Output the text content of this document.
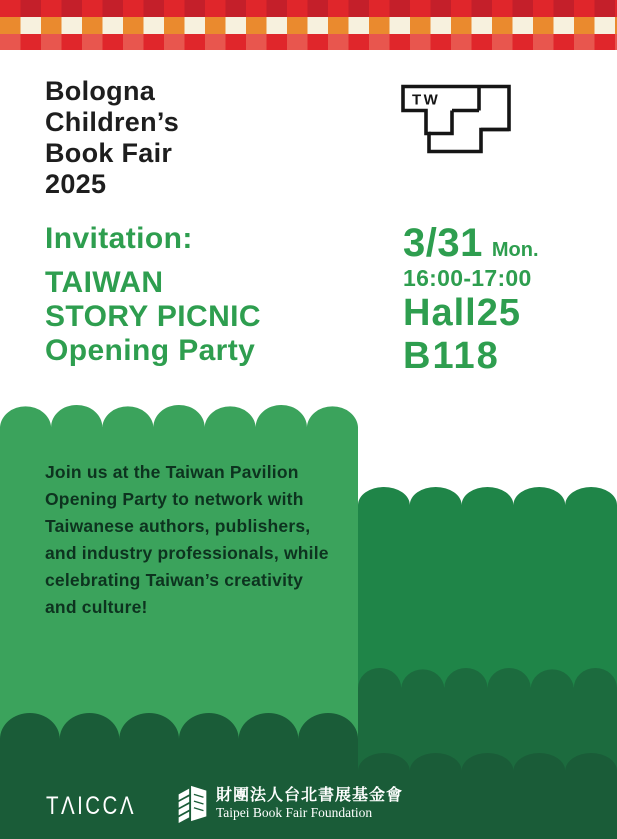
Bologna
Children’s
Book Fair
2025
TW
Invitation:
TAIWAN
STORY PICNIC
Opening Party
3/31 Mon.
16:00-17:00
Hall25
B118
Join us at the Taiwan Pavilion
Opening Party to network with
Taiwanese authors, publishers,
and industry professionals, while
celebrating Taiwan’s creativity
and culture!
TΛICCΛ	財團法人台北書展基金會
Taipei Book Fair Foundation
